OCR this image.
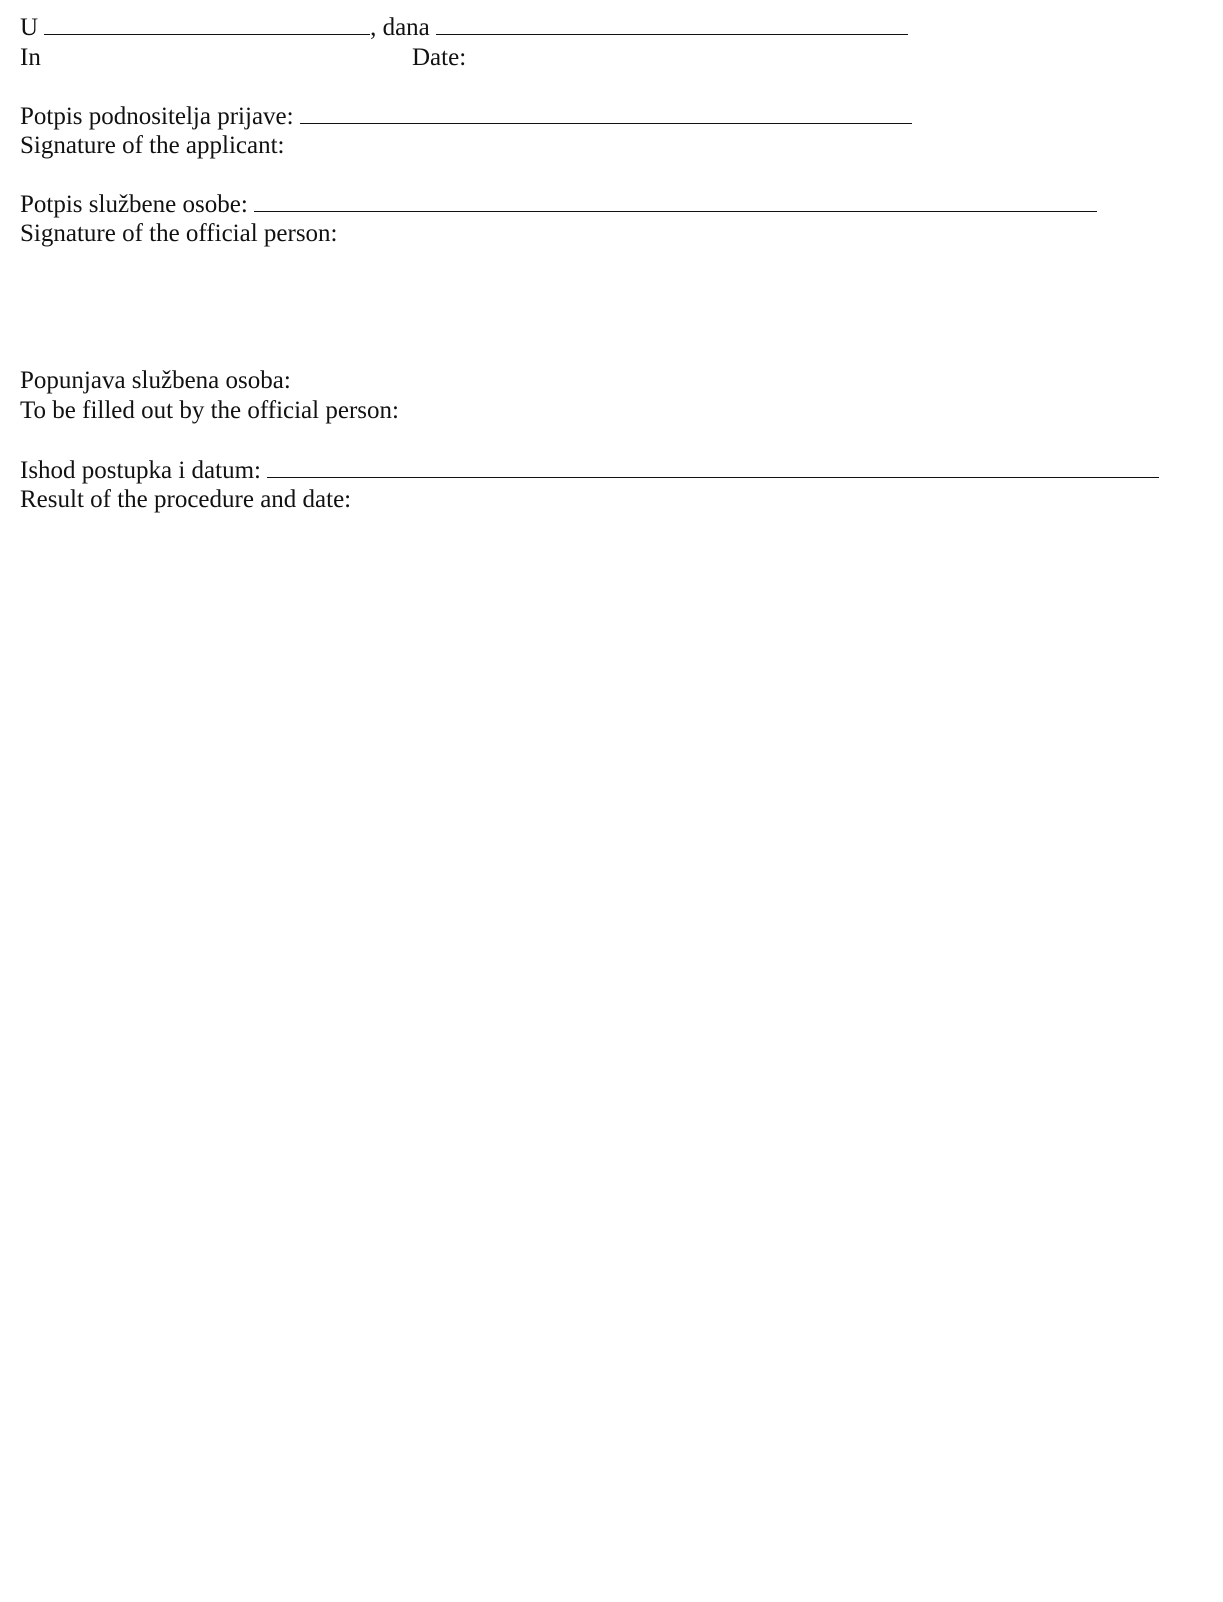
U	, dana
In	Date:
Potpis podnositelja prijave:
Signature of the applicant:
Potpis službene osobe:
Signature of the official person:
Popunjava službena osoba:
To be filled out by the official person:
Ishod postupka i datum:
Result of the procedure and date:
